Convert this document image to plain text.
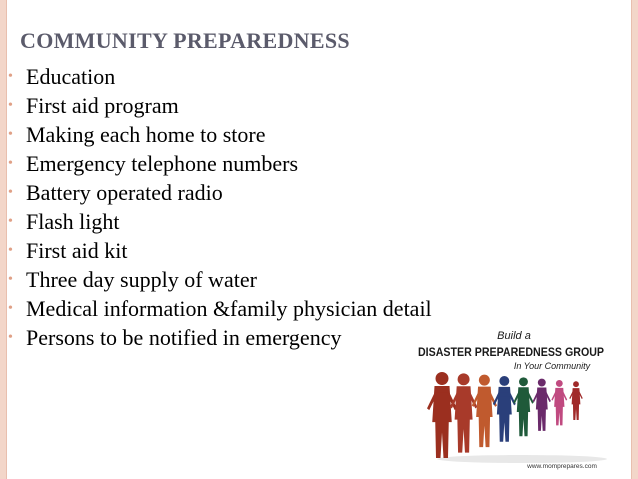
COMMUNITY PREPAREDNESS
• Education
• First aid program
• Making each home to store
• Emergency telephone numbers
• Battery operated radio
• Flash light
• First aid kit
• Three day supply of water
• Medical information &family physician detail
• Persons to be notified in emergency	Build a
DISASTER PREPAREDNESS GROUP
In Your Community
www.momprepares.com
